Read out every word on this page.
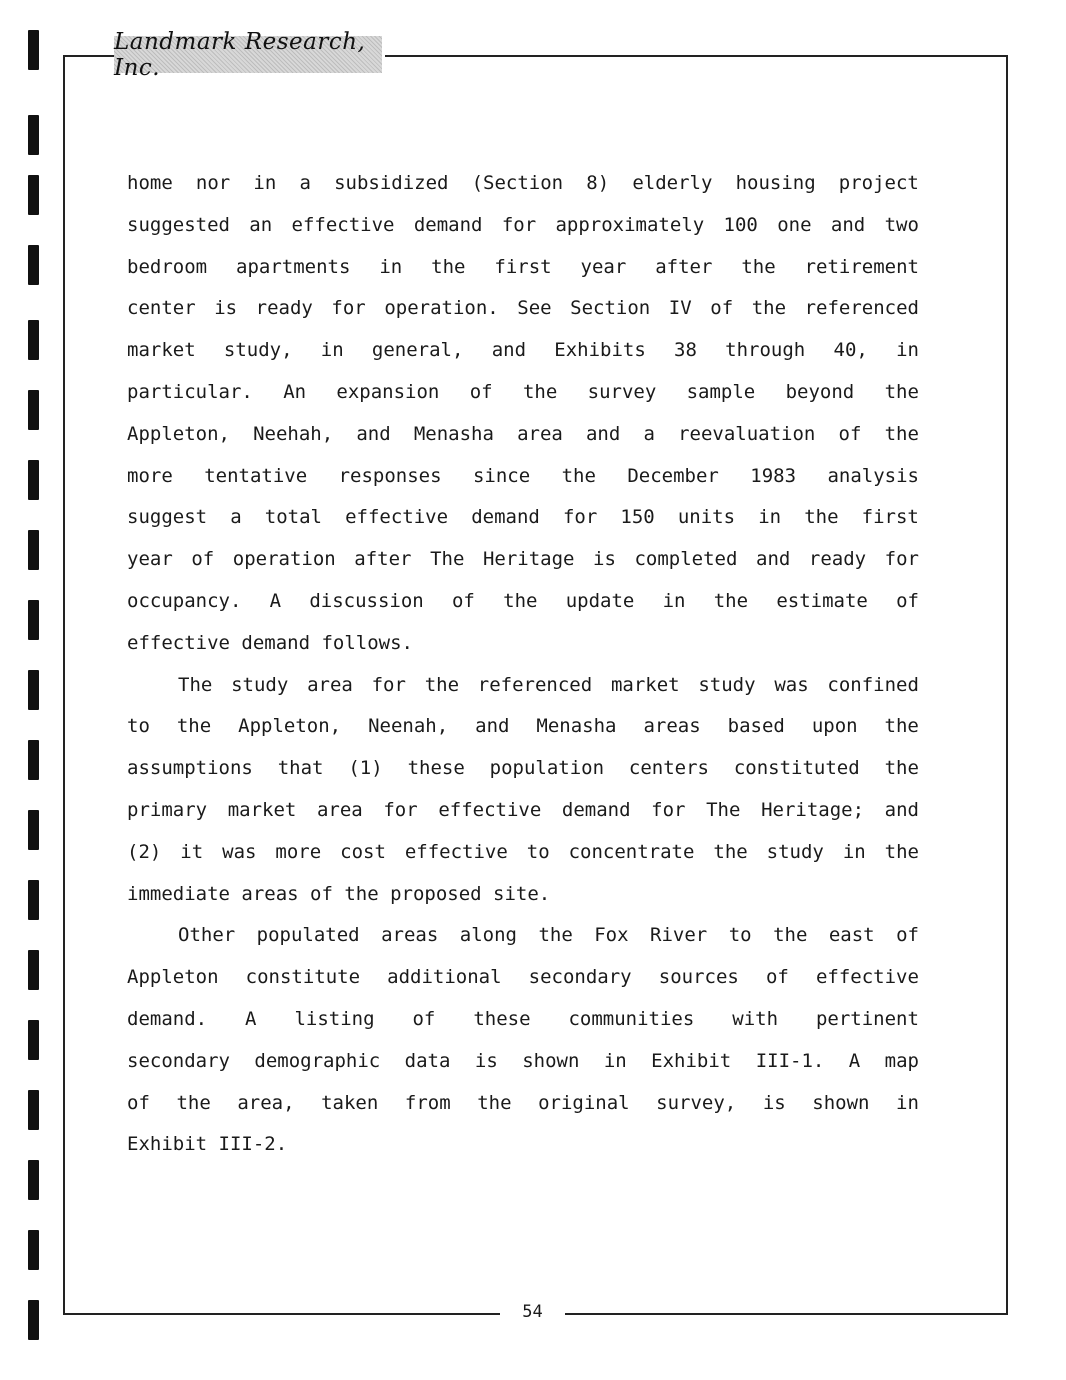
Landmark Research, Inc.
home nor in a subsidized (Section 8) elderly housing project
suggested an effective demand for approximately 100 one and two
bedroom apartments in the first year after the retirement
center is ready for operation. See Section IV of the referenced
market study, in general, and Exhibits 38 through 40, in
particular. An expansion of the survey sample beyond the
Appleton, Neehah, and Menasha area and a reevaluation of the
more tentative responses since the December 1983 analysis
suggest a total effective demand for 150 units in the first
year of operation after The Heritage is completed and ready for
occupancy. A discussion of the update in the estimate of
effective demand follows.
The study area for the referenced market study was confined
to the Appleton, Neenah, and Menasha areas based upon the
assumptions that (1) these population centers constituted the
primary market area for effective demand for The Heritage; and
(2) it was more cost effective to concentrate the study in the
immediate areas of the proposed site.
Other populated areas along the Fox River to the east of
Appleton constitute additional secondary sources of effective
demand. A listing of these communities with pertinent
secondary demographic data is shown in Exhibit III-1. A map
of the area, taken from the original survey, is shown in
Exhibit III-2.
54
